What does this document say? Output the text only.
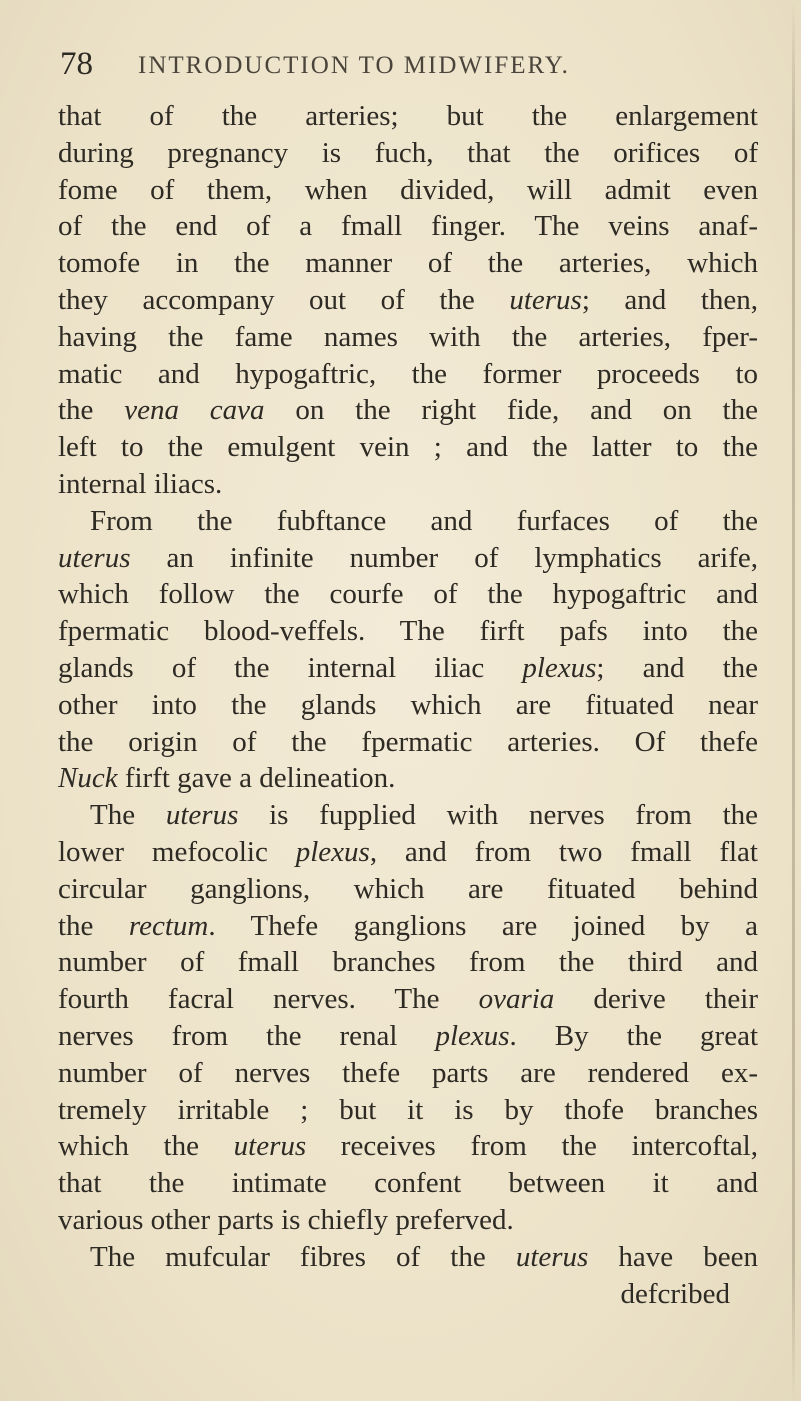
78 INTRODUCTION TO MIDWIFERY.
that of the arteries; but the enlargement
during pregnancy is fuch, that the orifices of
fome of them, when divided, will admit even
of the end of a fmall finger. The veins anaf-
tomofe in the manner of the arteries, which
they accompany out of the uterus; and then,
having the fame names with the arteries, fper-
matic and hypogaftric, the former proceeds to
the vena cava on the right fide, and on the
left to the emulgent vein ; and the latter to the
internal iliacs.
From the fubftance and furfaces of the
uterus an infinite number of lymphatics arife,
which follow the courfe of the hypogaftric and
fpermatic blood-veffels. The firft pafs into the
glands of the internal iliac plexus; and the
other into the glands which are fituated near
the origin of the fpermatic arteries. Of thefe
Nuck firft gave a delineation.
The uterus is fupplied with nerves from the
lower mefocolic plexus, and from two fmall flat
circular ganglions, which are fituated behind
the rectum. Thefe ganglions are joined by a
number of fmall branches from the third and
fourth facral nerves. The ovaria derive their
nerves from the renal plexus. By the great
number of nerves thefe parts are rendered ex-
tremely irritable ; but it is by thofe branches
which the uterus receives from the intercoftal,
that the intimate confent between it and
various other parts is chiefly preferved.
The mufcular fibres of the uterus have been
defcribed
